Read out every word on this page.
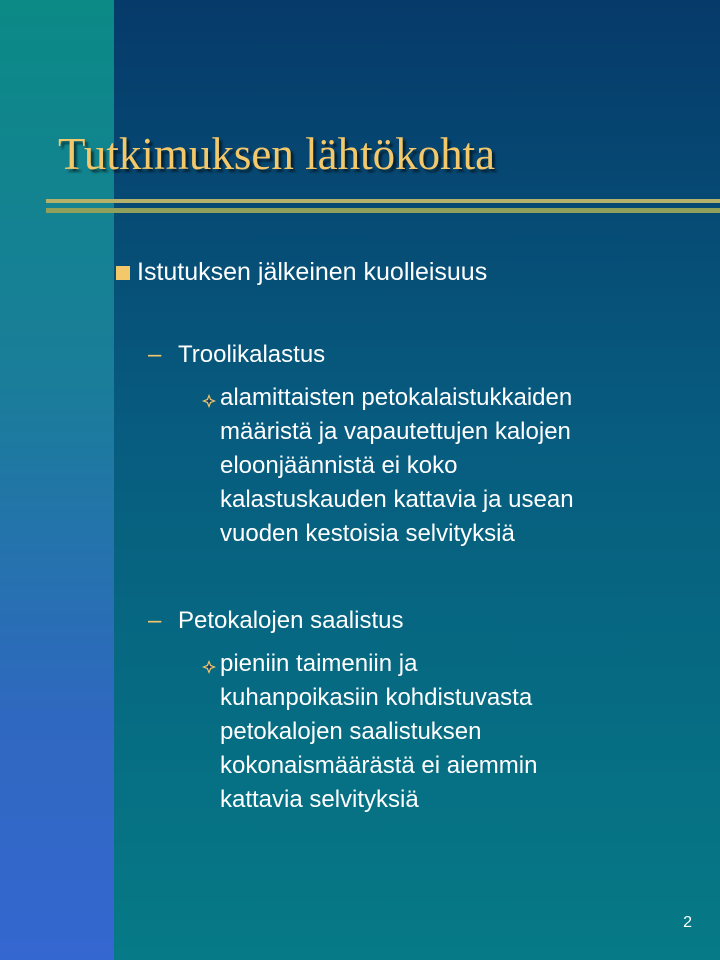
Tutkimuksen lähtökohta
Istutuksen jälkeinen kuolleisuus
– Troolikalastus
alamittaisten petokalaistukkaiden
määristä ja vapautettujen kalojen
eloonjäännistä ei koko
kalastuskauden kattavia ja usean
vuoden kestoisia selvityksiä
– Petokalojen saalistus
pieniin taimeniin ja
kuhanpoikasiin kohdistuvasta
petokalojen saalistuksen
kokonaismäärästä ei aiemmin
kattavia selvityksiä
2
